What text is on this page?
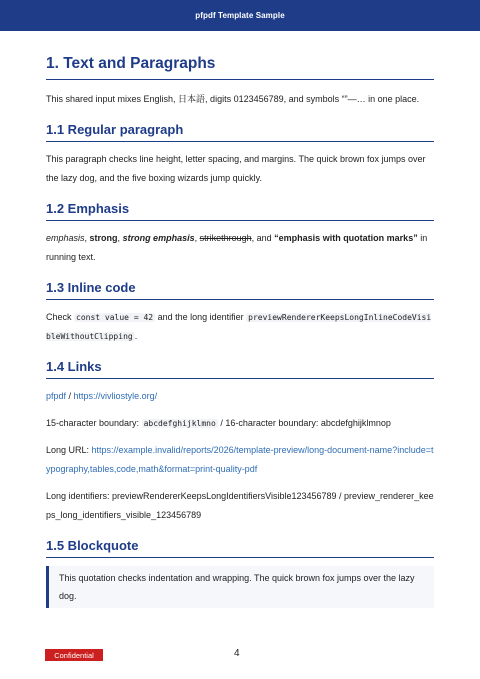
pfpdf Template Sample
1. Text and Paragraphs

This shared input mixes English, 日本語, digits 0123456789, and symbols “”—… in one place.

1.1 Regular paragraph

This paragraph checks line height, letter spacing, and margins. The quick brown fox jumps over the lazy dog, and the five boxing wizards jump quickly.

1.2 Emphasis

emphasis, strong, strong emphasis, strikethrough, and “emphasis with quotation marks” in running text.

1.3 Inline code

Check const value = 42 and the long identifier previewRendererKeepsLongInlineCodeVisibleWithoutClipping .

1.4 Links

pfpdf / https://vivliostyle.org/

15-character boundary: abcdefghijklmno / 16-character boundary: abcdefghijklmnop

Long URL: https://example.invalid/reports/2026/template-preview/long-document-name?include=typography,tables,code,math&format=print-quality-pdf

Long identifiers: previewRendererKeepsLongIdentifiersVisible123456789 / preview_renderer_keeps_long_identifiers_visible_123456789

1.5 Blockquote

This quotation checks indentation and wrapping. The quick brown fox jumps over the lazy dog.

Confidential	4
